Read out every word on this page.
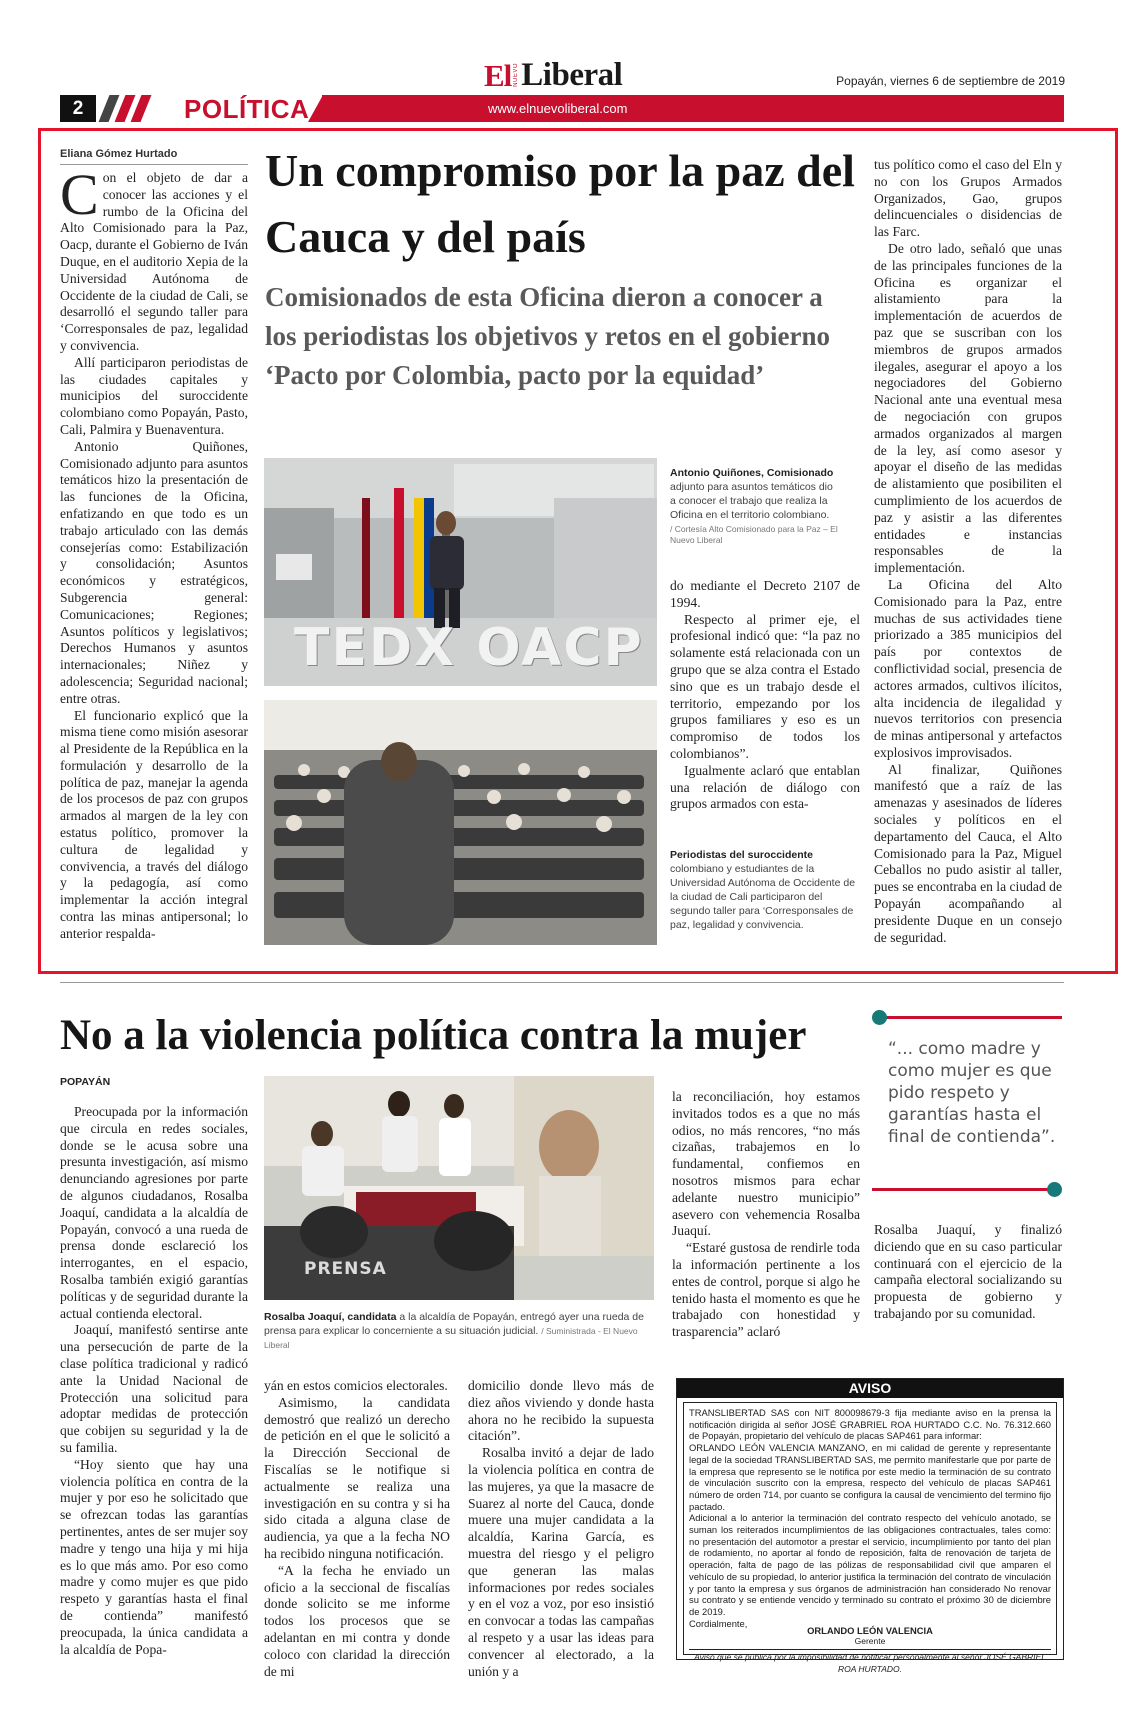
El NUEVO Liberal	Popayán, viernes 6 de septiembre de 2019
2	POLÍTICA	www.elnuevoliberal.com
Eliana Gómez Hurtado

Con el objeto de dar a conocer las acciones y el rumbo de la Oficina del Alto Comisionado para la Paz, Oacp, durante el Gobierno de Iván Duque, en el auditorio Xepia de la Universidad Autónoma de Occidente de la ciudad de Cali, se desarrolló el segundo taller para ‘Corresponsales de paz, legalidad y convivencia.

Allí participaron periodistas de las ciudades capitales y municipios del suroccidente colombiano como Popayán, Pasto, Cali, Palmira y Buenaventura.

Antonio Quiñones, Comisionado adjunto para asuntos temáticos hizo la presentación de las funciones de la Oficina, enfatizando en que todo es un trabajo articulado con las demás consejerías como: Estabilización y consolidación; Asuntos económicos y estratégicos, Subgerencia general: Comunicaciones; Regiones; Asuntos políticos y legislativos; Derechos Humanos y asuntos internacionales; Niñez y adolescencia; Seguridad nacional; entre otras.

El funcionario explicó que la misma tiene como misión asesorar al Presidente de la República en la formulación y desarrollo de la política de paz, manejar la agenda de los procesos de paz con grupos armados al margen de la ley con estatus político, promover la cultura de legalidad y convivencia, a través del diálogo y la pedagogía, así como implementar la acción integral contra las minas antipersonal; lo anterior respalda-

Un compromiso por la paz del Cauca y del país
Comisionados de esta Oficina dieron a conocer a los periodistas los objetivos y retos en el gobierno ‘Pacto por Colombia, pacto por la equidad’
TEDX OACP
Antonio Quiñones, Comisionado adjunto para asuntos temáticos dio a conocer el trabajo que realiza la Oficina en el territorio colombiano.
/ Cortesía Alto Comisionado para la Paz – El Nuevo Liberal

do mediante el Decreto 2107 de 1994.

Respecto al primer eje, el profesional indicó que: “la paz no solamente está relacionada con un grupo que se alza contra el Estado sino que es un trabajo desde el territorio, empezando por los grupos familiares y eso es un compromiso de todos los colombianos”.

Igualmente aclaró que entablan una relación de diálogo con grupos armados con esta-

Periodistas del suroccidente colombiano y estudiantes de la Universidad Autónoma de Occidente de la ciudad de Cali participaron del segundo taller para ‘Corresponsales de paz, legalidad y convivencia.

tus político como el caso del Eln y no con los Grupos Armados Organizados, Gao, grupos delincuenciales o disidencias de las Farc.

De otro lado, señaló que unas de las principales funciones de la Oficina es organizar el alistamiento para la implementación de acuerdos de paz que se suscriban con los miembros de grupos armados ilegales, asegurar el apoyo a los negociadores del Gobierno Nacional ante una eventual mesa de negociación con grupos armados organizados al margen de la ley, así como asesor y apoyar el diseño de las medidas de alistamiento que posibiliten el cumplimiento de los acuerdos de paz y asistir a las diferentes entidades e instancias responsables de la implementación.

La Oficina del Alto Comisionado para la Paz, entre muchas de sus actividades tiene priorizado a 385 municipios del país por contextos de conflictividad social, presencia de actores armados, cultivos ilícitos, alta incidencia de ilegalidad y nuevos territorios con presencia de minas antipersonal y artefactos explosivos improvisados.

Al finalizar, Quiñones manifestó que a raíz de las amenazas y asesinados de líderes sociales y políticos en el departamento del Cauca, el Alto Comisionado para la Paz, Miguel Ceballos no pudo asistir al taller, pues se encontraba en la ciudad de Popayán acompañando al presidente Duque en un consejo de seguridad.

No a la violencia política contra la mujer
POPAYÁN

Preocupada por la información que circula en redes sociales, donde se le acusa sobre una presunta investigación, así mismo denunciando agresiones por parte de algunos ciudadanos, Rosalba Joaquí, candidata a la alcaldía de Popayán, convocó a una rueda de prensa donde esclareció los interrogantes, en el espacio, Rosalba también exigió garantías políticas y de seguridad durante la actual contienda electoral.

Joaquí, manifestó sentirse ante una persecución de parte de la clase política tradicional y radicó ante la Unidad Nacional de Protección una solicitud para adoptar medidas de protección que cobijen su seguridad y la de su familia.

“Hoy siento que hay una violencia política en contra de la mujer y por eso he solicitado que se ofrezcan todas las garantías pertinentes, antes de ser mujer soy madre y tengo una hija y mi hija es lo que más amo. Por eso como madre y como mujer es que pido respeto y garantías hasta el final de contienda” manifestó preocupada, la única candidata a la alcaldía de Popa-

PRENSA
Rosalba Joaquí, candidata a la alcaldía de Popayán, entregó ayer una rueda de prensa para explicar lo concerniente a su situación judicial. / Suministrada - El Nuevo Liberal

yán en estos comicios electorales.

Asimismo, la candidata demostró que realizó un derecho de petición en el que le solicitó a la Dirección Seccional de Fiscalías se le notifique si actualmente se realiza una investigación en su contra y si ha sido citada a alguna clase de audiencia, ya que a la fecha NO ha recibido ninguna notificación.

“A la fecha he enviado un oficio a la seccional de fiscalías donde solicito se me informe todos los procesos que se adelantan en mi contra y donde coloco con claridad la dirección de mi

domicilio donde llevo más de diez años viviendo y donde hasta ahora no he recibido la supuesta citación”.

Rosalba invitó a dejar de lado la violencia política en contra de las mujeres, ya que la masacre de Suarez al norte del Cauca, donde muere una mujer candidata a la alcaldía, Karina García, es muestra del riesgo y el peligro que generan las malas informaciones por redes sociales y en el voz a voz, por eso insistió en convocar a todas las campañas al respeto y a usar las ideas para convencer al electorado, a la unión y a

la reconciliación, hoy estamos invitados todos es a que no más odios, no más rencores, “no más cizañas, trabajemos en lo fundamental, confiemos en nosotros mismos para echar adelante nuestro municipio” asevero con vehemencia Rosalba Juaquí.

“Estaré gustosa de rendirle toda la información pertinente a los entes de control, porque si algo he tenido hasta el momento es que he trabajado con honestidad y trasparencia” aclaró

“... como madre y como mujer es que pido respeto y garantías hasta el final de contienda”.

Rosalba Juaquí, y finalizó diciendo que en su caso particular continuará con el ejercicio de la campaña electoral socializando su propuesta de gobierno y trabajando por su comunidad.

AVISO

TRANSLIBERTAD SAS con NIT 800098679-3 fija mediante aviso en la prensa la notificación dirigida al señor JOSÉ GRABRIEL ROA HURTADO C.C. No. 76.312.660 de Popayán, propietario del vehículo de placas SAP461 para informar:

ORLANDO LEÓN VALENCIA MANZANO, en mi calidad de gerente y representante legal de la sociedad TRANSLIBERTAD SAS, me permito manifestarle que por parte de la empresa que represento se le notifica por este medio la terminación de su contrato de vinculación suscrito con la empresa, respecto del vehículo de placas SAP461 número de orden 714, por cuanto se configura la causal de vencimiento del termino fijo pactado.

Adicional a lo anterior la terminación del contrato respecto del vehículo anotado, se suman los reiterados incumplimientos de las obligaciones contractuales, tales como: no presentación del automotor a prestar el servicio, incumplimiento por tanto del plan de rodamiento, no aportar al fondo de reposición, falta de renovación de tarjeta de operación, falta de pago de las pólizas de responsabilidad civil que amparen el vehículo de su propiedad, lo anterior justifica la terminación del contrato de vinculación y por tanto la empresa y sus órganos de administración han considerado No renovar su contrato y se entiende vencido y terminado su contrato el próximo 30 de diciembre de 2019.

Cordialmente,

ORLANDO LEÓN VALENCIA

Gerente

Aviso que se publica por la imposibilidad de notificar personalmente al señor JOSÉ GABRIEL ROA HURTADO.
